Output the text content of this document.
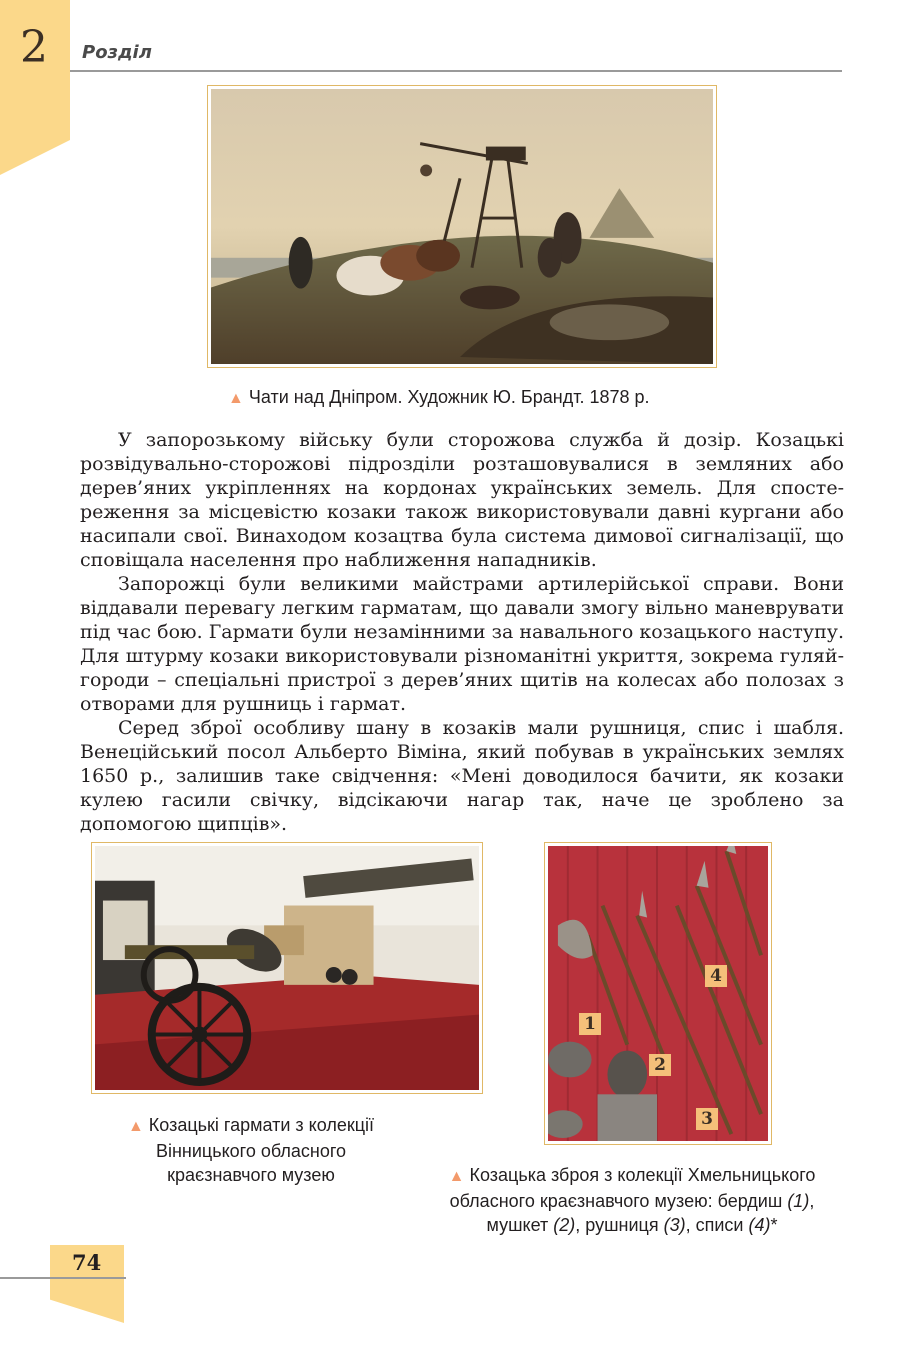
2 Розділ
▲ Чати над Дніпром. Художник Ю. Брандт. 1878 р.

У запорозькому війську були сторожова служба й дозір. Козацькі розвідувально-сторожові підрозділи розташовувалися в земляних або дерев’яних укріпленнях на кордонах українських земель. Для спостереження за місцевістю козаки також використовували давні кургани або насипали свої. Винаходом козацтва була система димової сигналізації, що сповіщала населення про наближення нападників.

Запорожці були великими майстрами артилерійської справи. Вони віддавали перевагу легким гарматам, що давали змогу вільно маневрувати під час бою. Гармати були незамінними за навального козацького наступу. Для штурму козаки використовували різноманітні укриття, зокрема гуляй-городи – спеціальні пристрої з дерев’яних щитів на колесах або полозах з отворами для рушниць і гармат.

Серед зброї особливу шану в козаків мали рушниця, спис і шабля. Венеційський посол Альберто Віміна, який побував в українських землях 1650 р., залишив таке свідчення: «Мені доводилося бачити, як козаки кулею гасили свічку, відсікаючи нагар так, наче це зроблено за допомогою щипців».

▲ Козацькі гармати з колекції
Вінницького обласного
краєзнавчого музею
1
2
3
4
▲ Козацька зброя з колекції Хмельницького
обласного краєзнавчого музею: бердиш (1),
мушкет (2), рушниця (3), списи (4)*
74
